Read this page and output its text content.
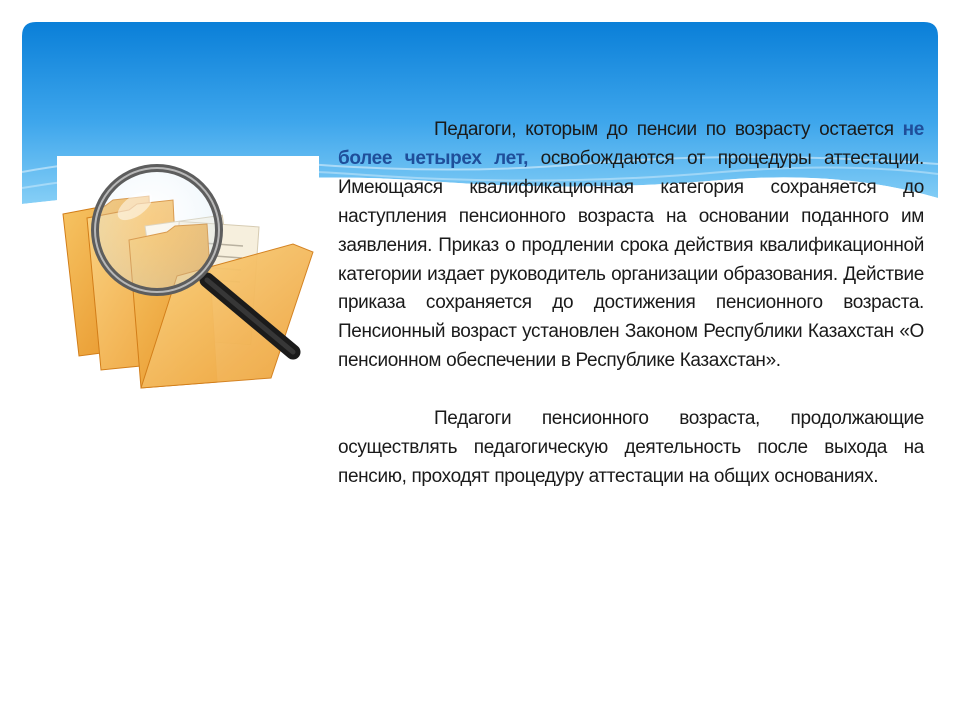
Педагоги, которым до пенсии по возрасту остается не более четырех лет, освобождаются от процедуры аттестации. Имеющаяся квалификационная категория сохраняется до наступления пенсионного возраста на основании поданного им заявления. Приказ о продлении срока действия квалификационной категории издает руководитель организации образования. Действие приказа сохраняется до достижения пенсионного возраста. Пенсионный возраст установлен Законом Республики Казахстан «О пенсионном обеспечении в Республике Казахстан».

Педагоги пенсионного возраста, продолжающие осуществлять педагогическую деятельность после выхода на пенсию, проходят процедуру аттестации на общих основаниях.
